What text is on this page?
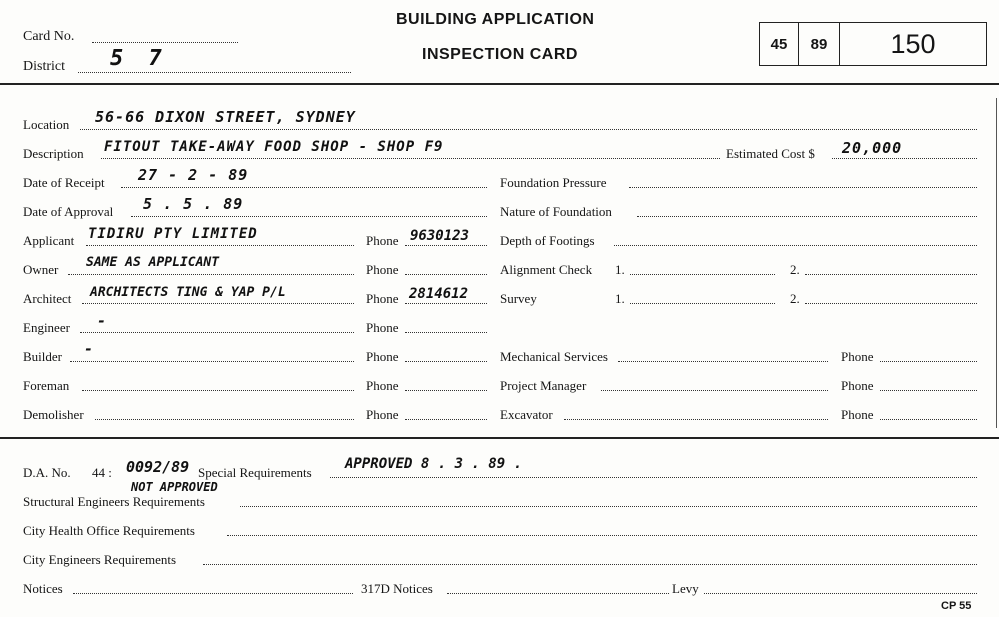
Card No.
District 5 7
BUILDING APPLICATION
INSPECTION CARD
45	89	150
Location 56-66 DIXON STREET, SYDNEY
Description FITOUT TAKE-AWAY FOOD SHOP - SHOP F9	Estimated Cost $ 20,000
Date of Receipt 27 - 2 - 89
Date of Approval 5 . 5 . 89
Applicant TIDIRU PTY LIMITED	Phone 9630123
Owner SAME AS APPLICANT	Phone
Architect ARCHITECTS TING & YAP P/L	Phone 2814612
Engineer -	Phone
Builder -	Phone
Foreman	Phone
Demolisher	Phone
Foundation Pressure
Nature of Foundation
Depth of Footings
Alignment Check 1.	2.
Survey	1.	2.
Mechanical Services	Phone
Project Manager	Phone
Excavator	Phone
D.A. No. 44 : 0092/89
NOT APPROVED
Special Requirements
APPROVED 8 . 3 . 89 .
Structural Engineers Requirements
City Health Office Requirements
City Engineers Requirements
Notices	317D Notices	Levy
CP 55
